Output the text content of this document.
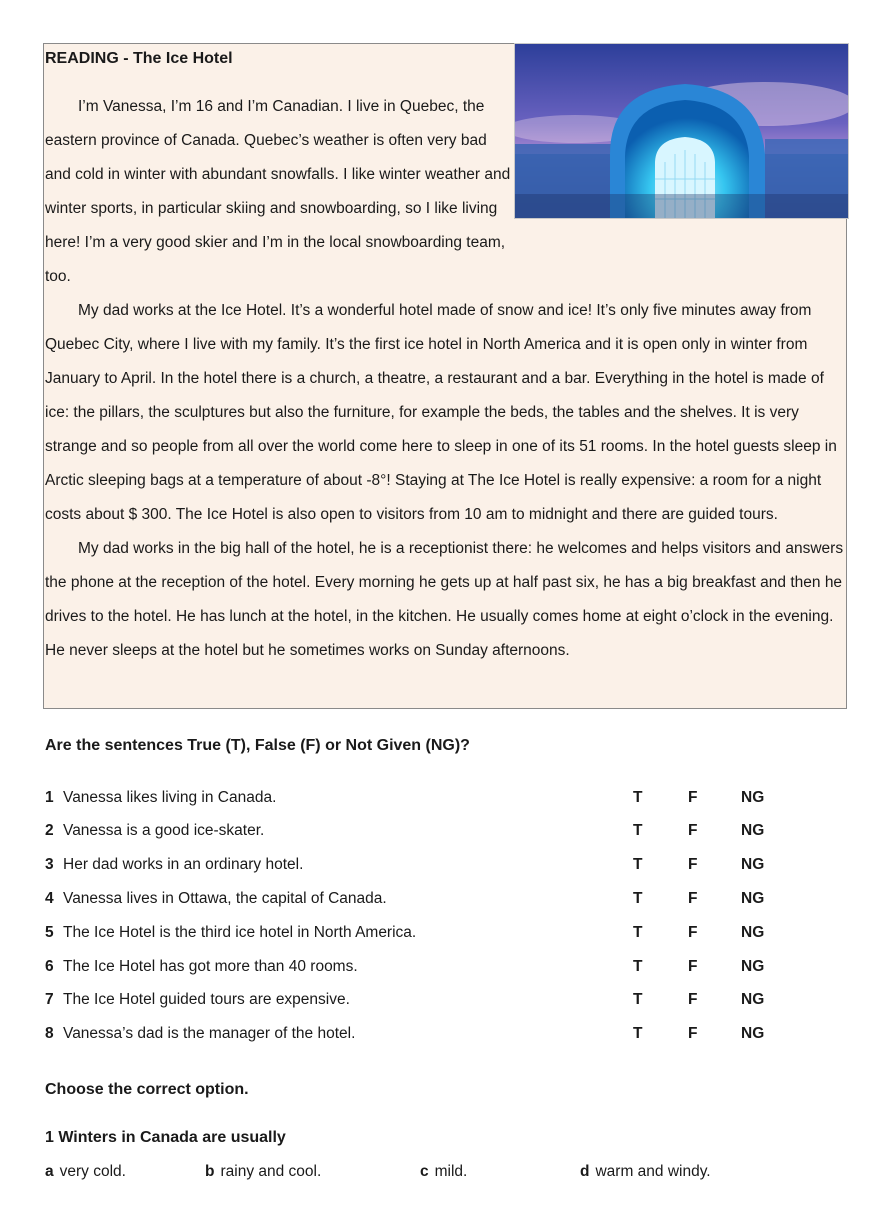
READING - The Ice Hotel

I’m Vanessa, I’m 16 and I’m Canadian. I live in Quebec, the eastern province of Canada. Quebec’s weather is often very bad and cold in winter with abundant snowfalls. I like winter weather and winter sports, in particular skiing and snowboarding, so I like living here! I’m a very good skier and I’m in the local snowboarding team, too.

My dad works at the Ice Hotel. It’s a wonderful hotel made of snow and ice! It’s only five minutes away from Quebec City, where I live with my family. It’s the first ice hotel in North America and it is open only in winter from January to April. In the hotel there is a church, a theatre, a restaurant and a bar. Everything in the hotel is made of ice: the pillars, the sculptures but also the furniture, for example the beds, the tables and the shelves. It is very strange and so people from all over the world come here to sleep in one of its 51 rooms. In the hotel guests sleep in Arctic sleeping bags at a temperature of about -8°! Staying at The Ice Hotel is really expensive: a room for a night costs about $ 300. The Ice Hotel is also open to visitors from 10 am to midnight and there are guided tours.

My dad works in the big hall of the hotel, he is a receptionist there: he welcomes and helps visitors and answers the phone at the reception of the hotel. Every morning he gets up at half past six, he has a big breakfast and then he drives to the hotel. He has lunch at the hotel, in the kitchen. He usually comes home at eight o’clock in the evening. He never sleeps at the hotel but he sometimes works on Sunday afternoons.

Are the sentences True (T), False (F) or Not Given (NG)?
1 Vanessa likes living in Canada.	T	F	NG
2 Vanessa is a good ice-skater.	T	F	NG
3 Her dad works in an ordinary hotel.	T	F	NG
4 Vanessa lives in Ottawa, the capital of Canada.	T	F	NG
5 The Ice Hotel is the third ice hotel in North America.	T	F	NG
6 The Ice Hotel has got more than 40 rooms.	T	F	NG
7 The Ice Hotel guided tours are expensive.	T	F	NG
8 Vanessa’s dad is the manager of the hotel.	T	F	NG
Choose the correct option.
1 Winters in Canada are usually
a very cold.	b rainy and cool.	c mild.	d warm and windy.
